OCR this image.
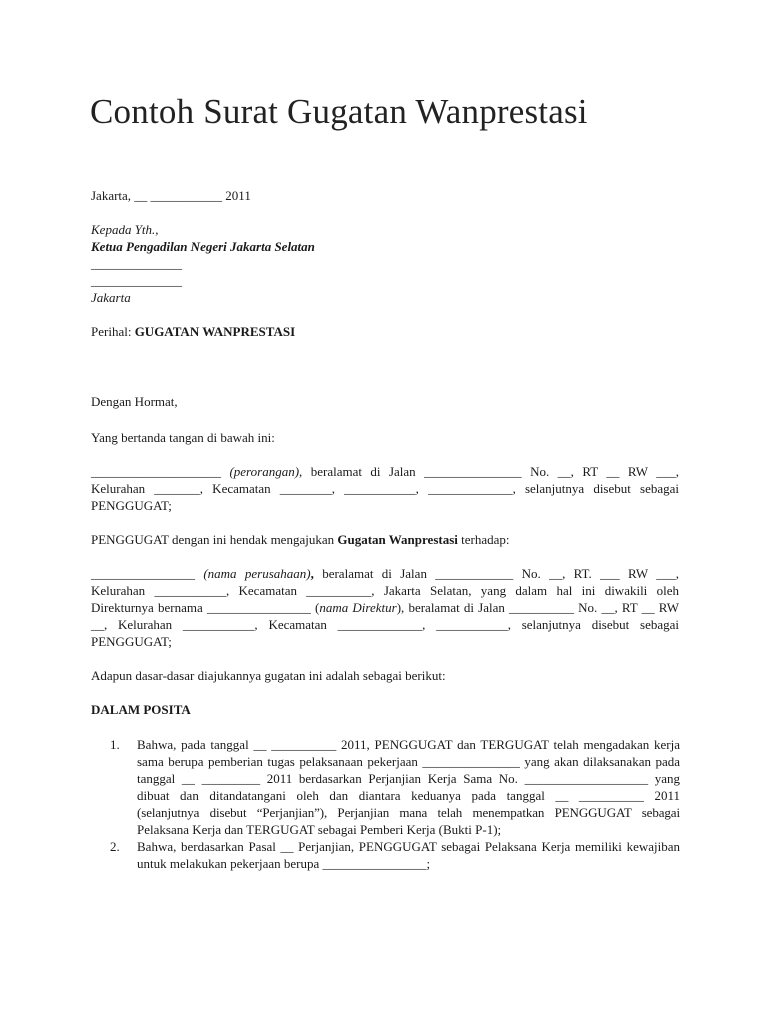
Contoh Surat Gugatan Wanprestasi
Jakarta, __ ___________ 2011
Kepada Yth.,
Ketua Pengadilan Negeri Jakarta Selatan
______________
______________
Jakarta
Perihal: GUGATAN WANPRESTASI
Dengan Hormat,
Yang bertanda tangan di bawah ini:
____________________ (perorangan), beralamat di Jalan _______________ No. __, RT __ RW ___,
Kelurahan _______, Kecamatan ________, ___________, _____________, selanjutnya disebut sebagai
PENGGUGAT;
PENGGUGAT dengan ini hendak mengajukan Gugatan Wanprestasi terhadap:
________________ (nama perusahaan), beralamat di Jalan ____________ No. __, RT. ___ RW ___,
Kelurahan ___________, Kecamatan __________, Jakarta Selatan, yang dalam hal ini diwakili oleh
Direkturnya bernama ________________ (nama Direktur), beralamat di Jalan __________ No. __, RT __ RW
__, Kelurahan ___________, Kecamatan _____________, ___________, selanjutnya disebut sebagai
PENGGUGAT;
Adapun dasar-dasar diajukannya gugatan ini adalah sebagai berikut:
DALAM POSITA
1. Bahwa, pada tanggal __ __________ 2011, PENGGUGAT dan TERGUGAT telah mengadakan kerja
sama berupa pemberian tugas pelaksanaan pekerjaan _______________ yang akan dilaksanakan pada
tanggal __ _________ 2011 berdasarkan Perjanjian Kerja Sama No. ___________________ yang
dibuat dan ditandatangani oleh dan diantara keduanya pada tanggal __ __________ 2011
(selanjutnya disebut “Perjanjian”), Perjanjian mana telah menempatkan PENGGUGAT sebagai
Pelaksana Kerja dan TERGUGAT sebagai Pemberi Kerja (Bukti P-1);
2. Bahwa, berdasarkan Pasal __ Perjanjian, PENGGUGAT sebagai Pelaksana Kerja memiliki kewajiban
untuk melakukan pekerjaan berupa ________________;
